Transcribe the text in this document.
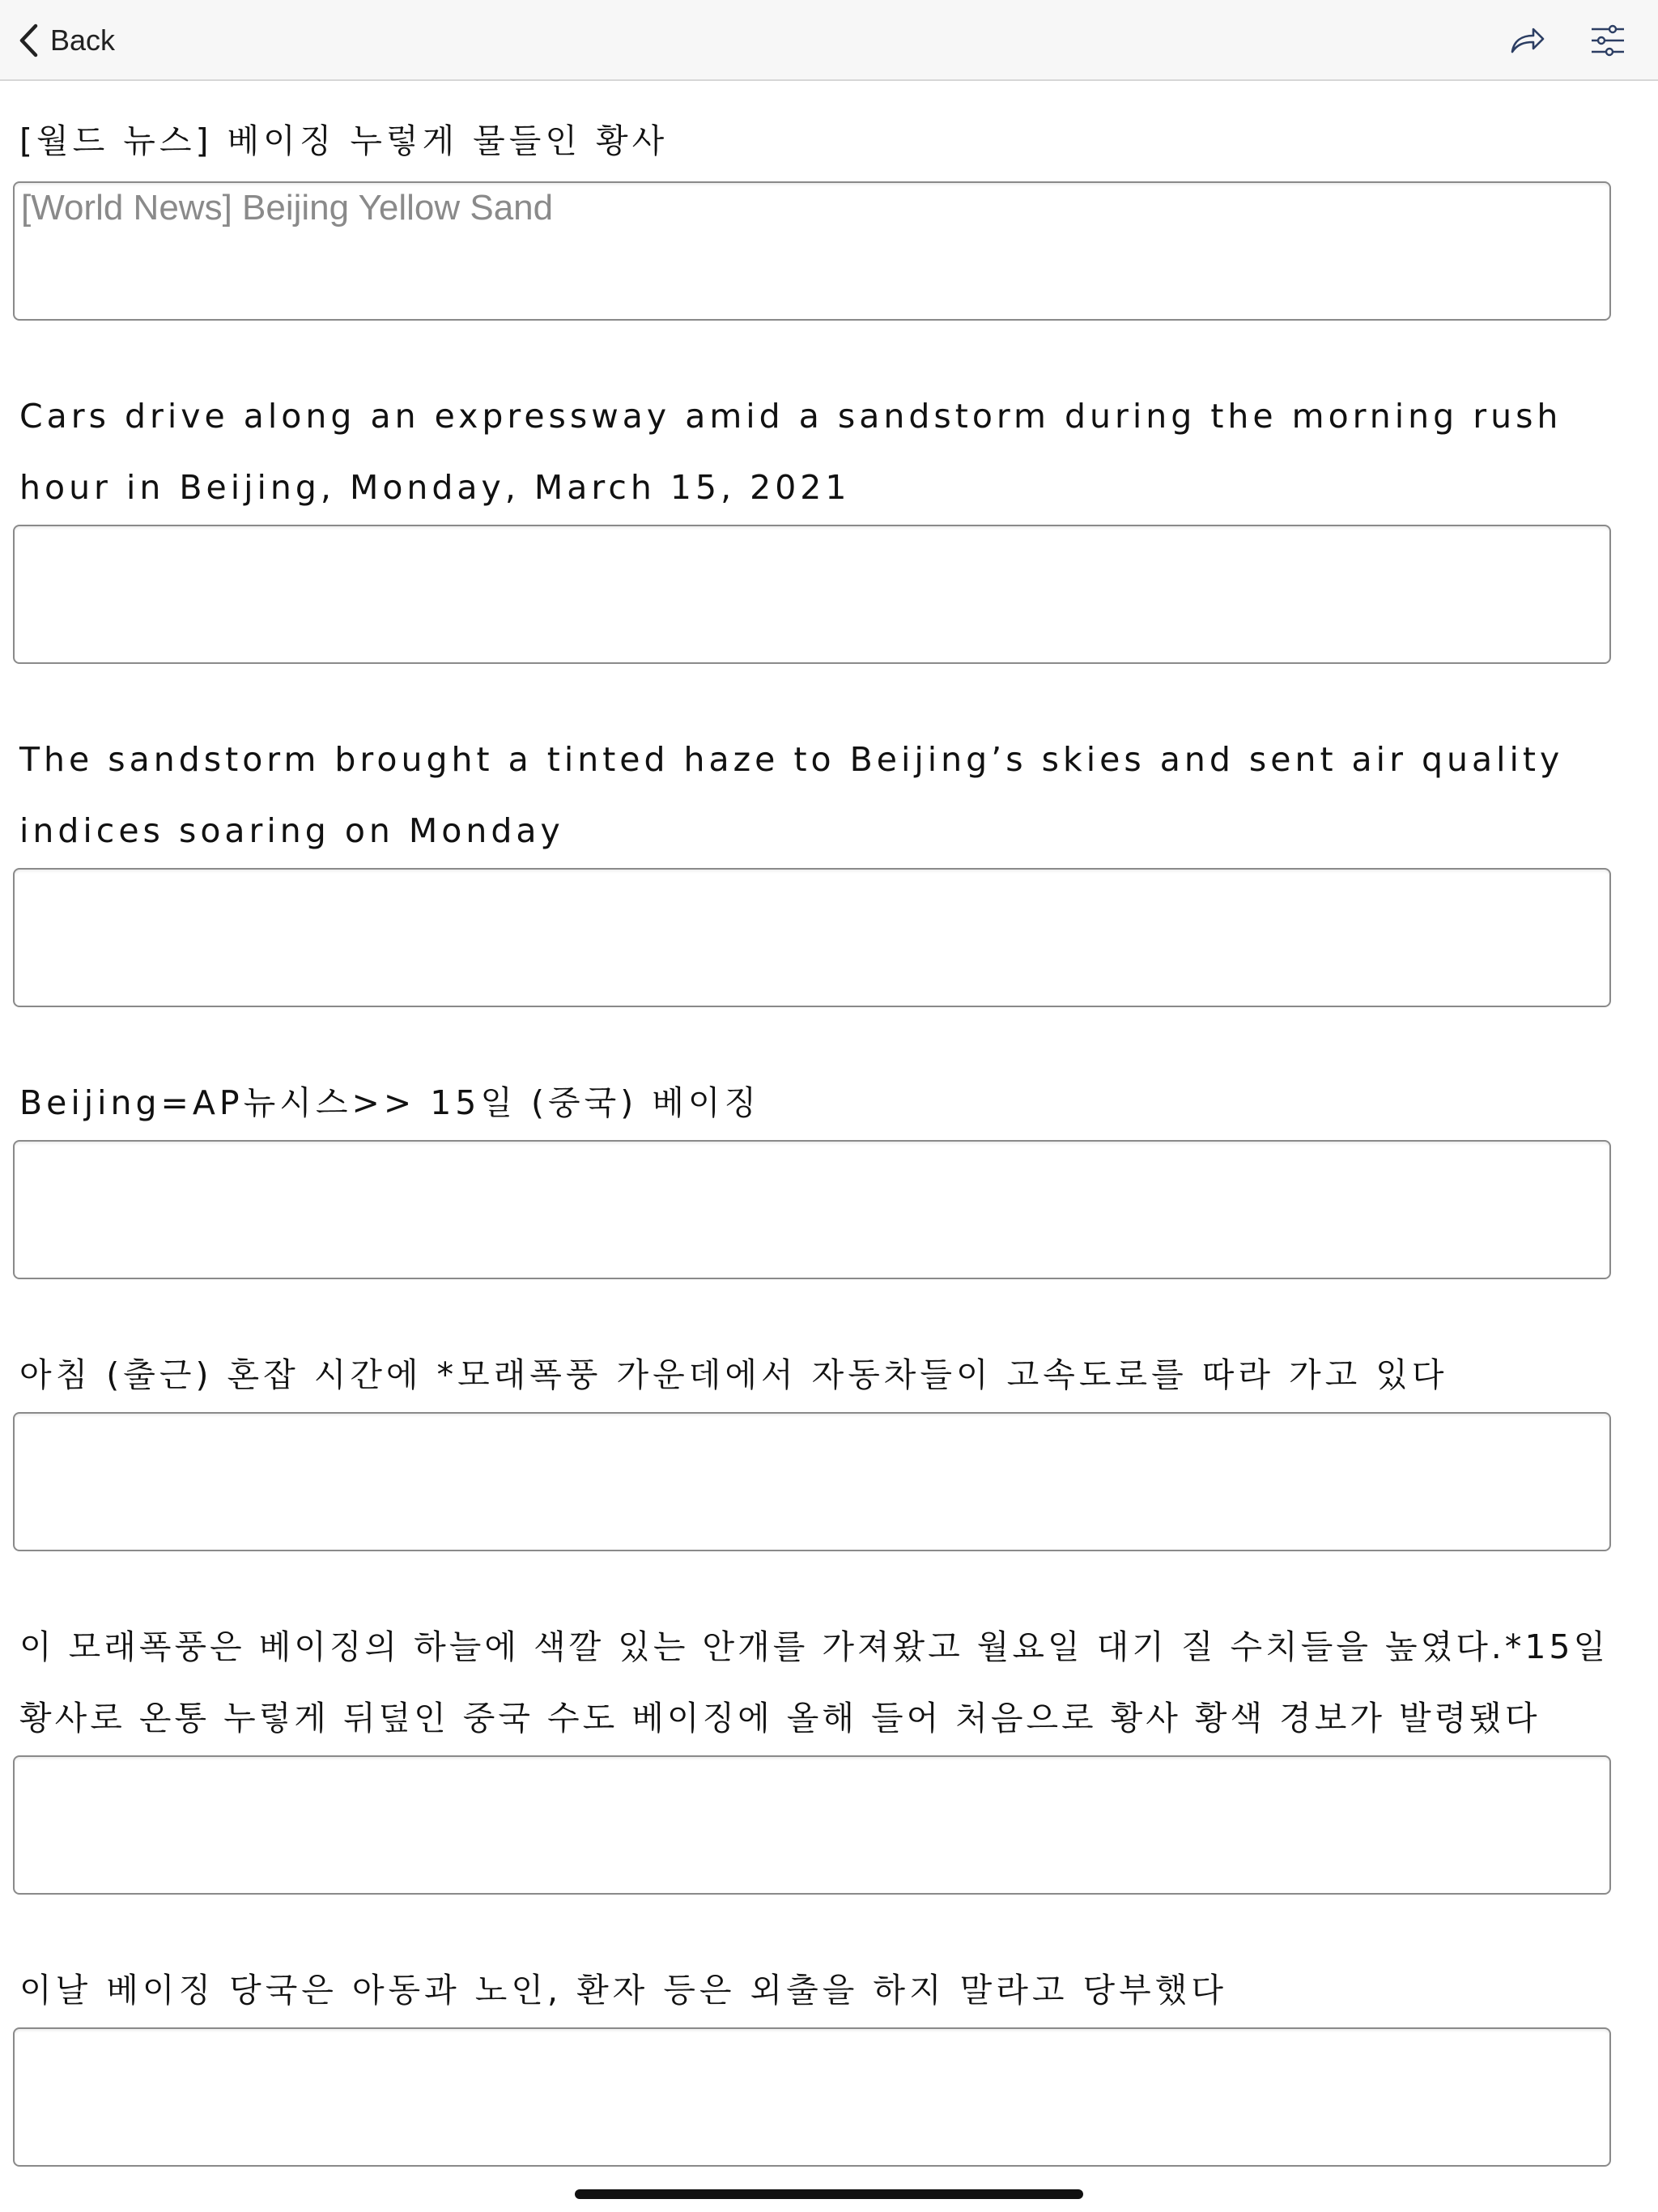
Back
[월드 뉴스] 베이징 누렇게 물들인 황사
[World News] Beijing Yellow Sand
Cars drive along an expressway amid a sandstorm during the morning rush hour in Beijing, Monday, March 15, 2021
The sandstorm brought a tinted haze to Beijing’s skies and sent air quality indices soaring on Monday
Beijing=AP뉴시스>> 15일 (중국) 베이징
아침 (출근) 혼잡 시간에 *모래폭풍 가운데에서 자동차들이 고속도로를 따라 가고 있다
이 모래폭풍은 베이징의 하늘에 색깔 있는 안개를 가져왔고 월요일 대기 질 수치들을 높였다.*15일 황사로 온통 누렇게 뒤덮인 중국 수도 베이징에 올해 들어 처음으로 황사 황색 경보가 발령됐다
이날 베이징 당국은 아동과 노인, 환자 등은 외출을 하지 말라고 당부했다
